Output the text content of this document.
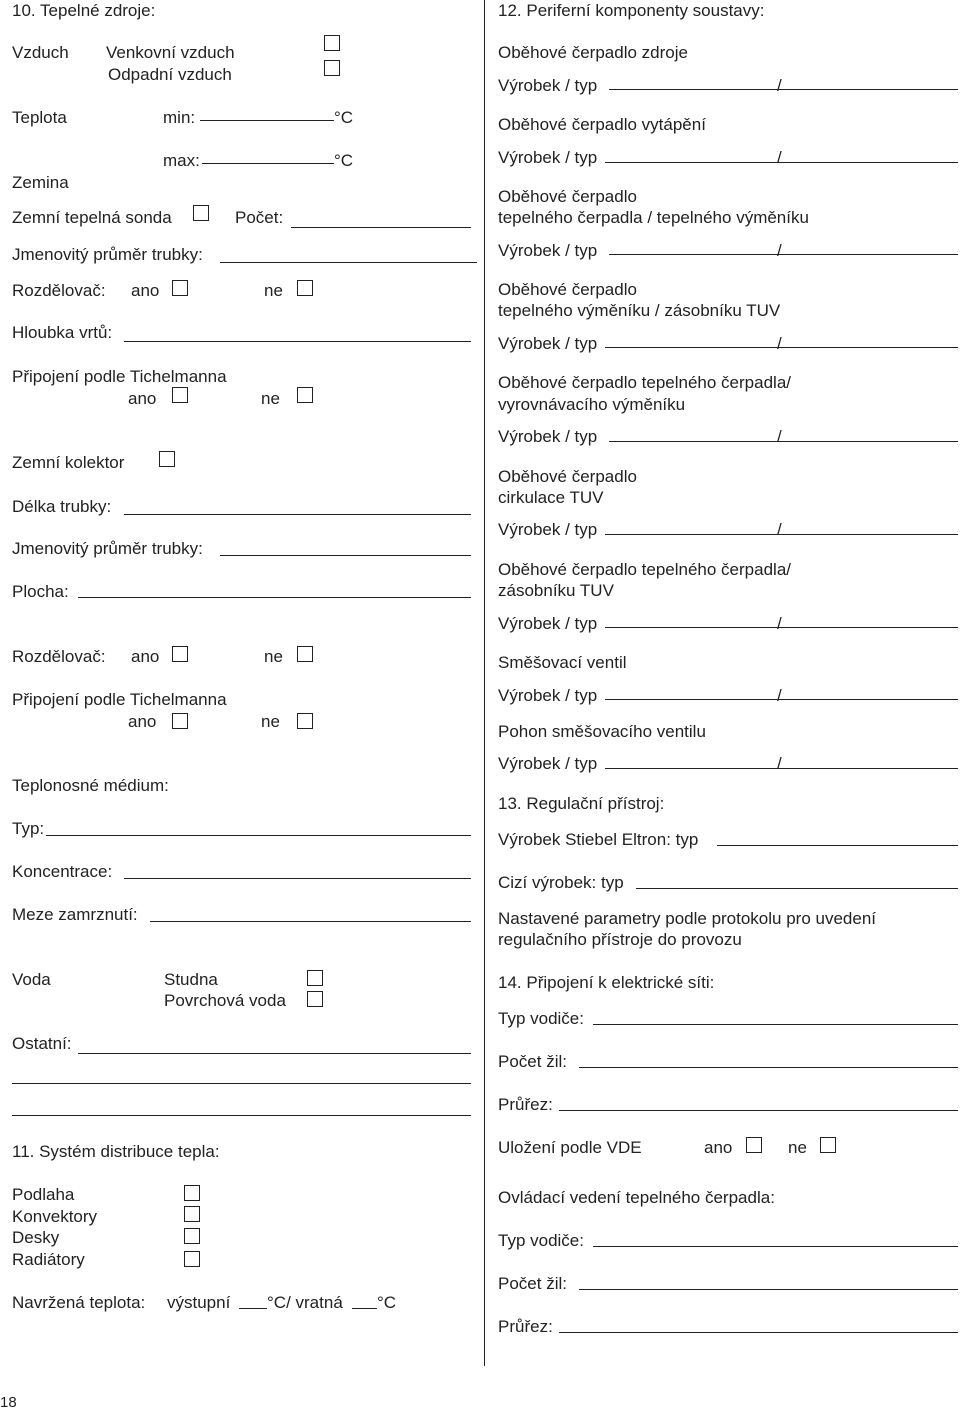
10. Tepelné zdroje:
Vzduch Venkovní vzduch
Odpadní vzduch
Teplota	min:	°C
max:	°C
Zemina
Zemní tepelná sonda	Počet:
Jmenovitý průměr trubky:
Rozdělovač: ano	ne
Hloubka vrtů:
Připojení podle Tichelmanna
ano	ne
Zemní kolektor
Délka trubky:
Jmenovitý průměr trubky:
Plocha:
Rozdělovač: ano	ne
Připojení podle Tichelmanna
ano	ne
Teplonosné médium:
Typ:
Koncentrace:
Meze zamrznutí:
Voda	Studna
Povrchová voda
Ostatní:
11. Systém distribuce tepla:
Podlaha
Konvektory
Desky
Radiátory
Navržená teplota: výstupní °C/ vratná °C
12. Periferní komponenty soustavy:
Oběhové čerpadlo zdroje
Výrobek / typ	/
Oběhové čerpadlo vytápění
Výrobek / typ	/
Oběhové čerpadlo
tepelného čerpadla / tepelného výměníku
Výrobek / typ	/
Oběhové čerpadlo
tepelného výměníku / zásobníku TUV
Výrobek / typ	/
Oběhové čerpadlo tepelného čerpadla/
vyrovnávacího výměníku
Výrobek / typ	/
Oběhové čerpadlo
cirkulace TUV
Výrobek / typ	/
Oběhové čerpadlo tepelného čerpadla/
zásobníku TUV
Výrobek / typ	/
Směšovací ventil
Výrobek / typ	/
Pohon směšovacího ventilu
Výrobek / typ	/
13. Regulační přístroj:
Výrobek Stiebel Eltron: typ
Cizí výrobek: typ
Nastavené parametry podle protokolu pro uvedení
regulačního přístroje do provozu
14. Připojení k elektrické síti:
Typ vodiče:
Počet žil:
Průřez:
Uložení podle VDE	ano	ne
Ovládací vedení tepelného čerpadla:
Typ vodiče:
Počet žil:
Průřez:
18
